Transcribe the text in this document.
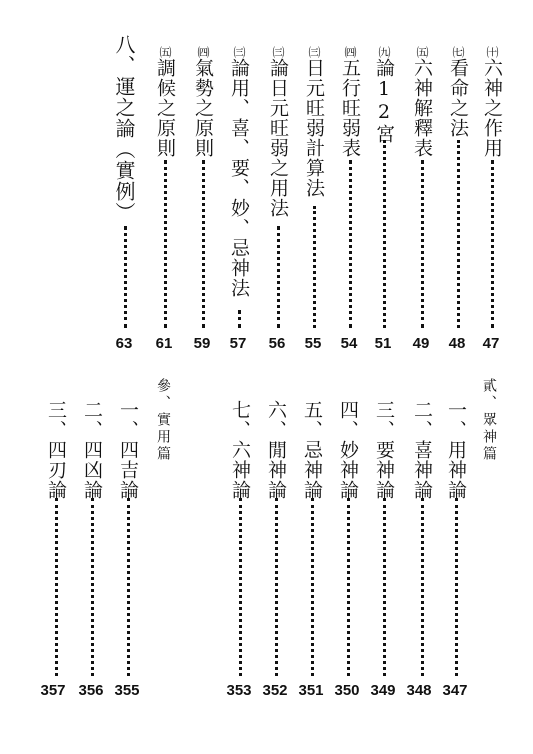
㈩六神之作用
47
㈦看命之法
48
㈤六神解釋表
49
㈨論12宮
51
㈣五行旺弱表
54
㈢日元旺弱計算法
55
㈢論日元旺弱之用法
56
㈢論用、喜、要、妙、忌神法
57
㈣氣勢之原則
59
㈤調候之原則
61
八、運之論（實例）
63
貳、眾神篇
一、用神論
347
二、喜神論
348
三、要神論
349
四、妙神論
350
五、忌神論
351
六、閒神論
352
七、六神論
353
參、實用篇
一、四吉論
355
二、四凶論
356
三、四刃論
357
